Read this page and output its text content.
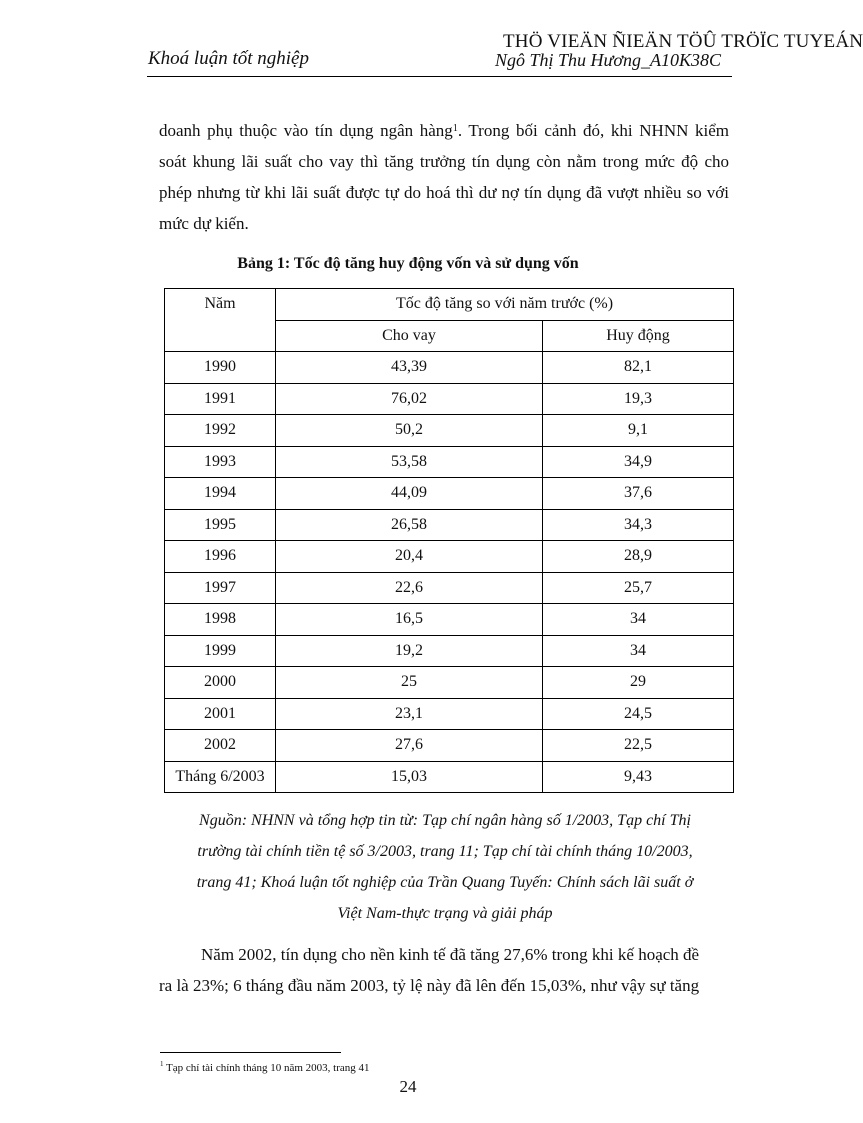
Khoá luận tốt nghiệp
THÖ VIEÄN ÑIEÄN TÖÛ TRÖÏC TUYEÁN
Ngô Thị Thu Hương_A10K38C
doanh phụ thuộc vào tín dụng ngân hàng$^1$. Trong bối cảnh đó, khi NHNN kiểm
soát khung lãi suất cho vay thì tăng trưởng tín dụng còn nằm trong mức độ cho
phép nhưng từ khi lãi suất được tự do hoá thì dư nợ tín dụng đã vượt nhiều so với
mức dự kiến.
Bảng 1: Tốc độ tăng huy động vốn và sử dụng vốn
Năm	Tốc độ tăng so với năm trước (%)	
	Cho vay	Huy động
1990	43,39	82,1
1991	76,02	19,3
1992	50,2	9,1
1993	53,58	34,9
1994	44,09	37,6
1995	26,58	34,3
1996	20,4	28,9
1997	22,6	25,7
1998	16,5	34
1999	19,2	34
2000	25	29
2001	23,1	24,5
2002	27,6	22,5
Tháng 6/2003	15,03	9,43
Nguồn: NHNN và tổng hợp tin từ: Tạp chí ngân hàng số 1/2003, Tạp chí Thị
trường tài chính tiền tệ số 3/2003, trang 11; Tạp chí tài chính tháng 10/2003,
trang 41; Khoá luận tốt nghiệp của Trần Quang Tuyến: Chính sách lãi suất ở
Việt Nam-thực trạng và giải pháp
Năm 2002, tín dụng cho nền kinh tế đã tăng 27,6% trong khi kế hoạch đề
ra là 23%; 6 tháng đầu năm 2003, tỷ lệ này đã lên đến 15,03%, như vậy sự tăng
$^1$ Tạp chí tài chính tháng 10 năm 2003, trang 41
24
